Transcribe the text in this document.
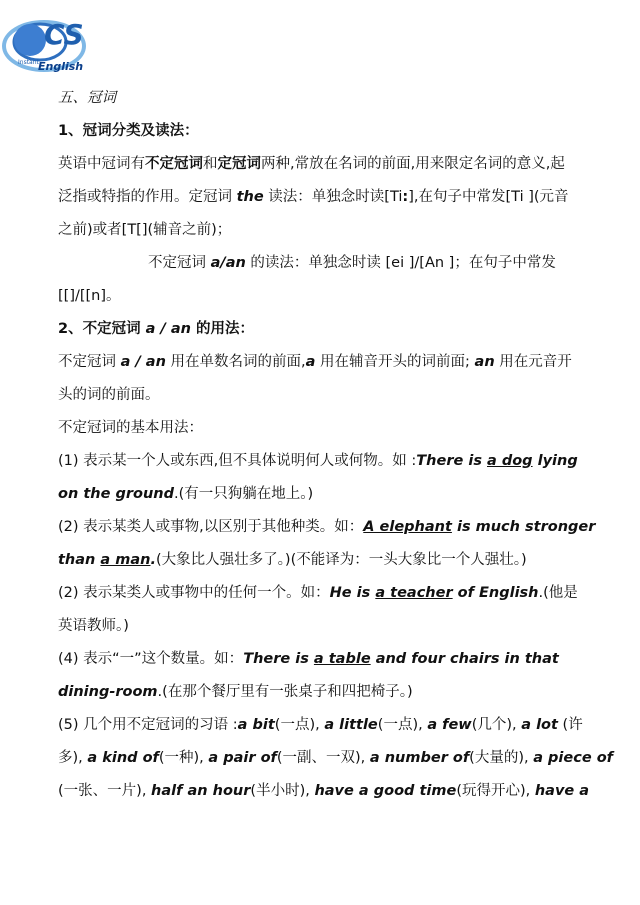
CS
Instant English
五、冠词
1、冠词分类及读法：
英语中冠词有不定冠词和定冠词两种,常放在名词的前面,用来限定名词的意义,起
泛指或特指的作用。定冠词 the 读法：单独念时读[Ti:],在句子中常发[Ti ](元音
之前)或者[T[](辅音之前)；
不定冠词 a/an 的读法：单独念时读 [ei ]/[An ]；在句子中常发
[[]/[[n]。
2、不定冠词 a / an 的用法：
不定冠词 a / an 用在单数名词的前面,a 用在辅音开头的词前面; an 用在元音开
头的词的前面。
不定冠词的基本用法：
(1) 表示某一个人或东西,但不具体说明何人或何物。如 :There is a dog lying
on the ground.(有一只狗躺在地上。)
(2) 表示某类人或事物,以区别于其他种类。如：A elephant is much stronger
than a man.(大象比人强壮多了。)(不能译为：一头大象比一个人强壮。)
(2) 表示某类人或事物中的任何一个。如：He is a teacher of English.(他是
英语教师。)
(4) 表示“一”这个数量。如：There is a table and four chairs in that
dining-room.(在那个餐厅里有一张桌子和四把椅子。)
(5) 几个用不定冠词的习语 :a bit(一点), a little(一点), a few(几个), a lot (许
多), a kind of(一种), a pair of(一副、一双), a number of(大量的), a piece of
(一张、一片), half an hour(半小时), have a good time(玩得开心), have a
